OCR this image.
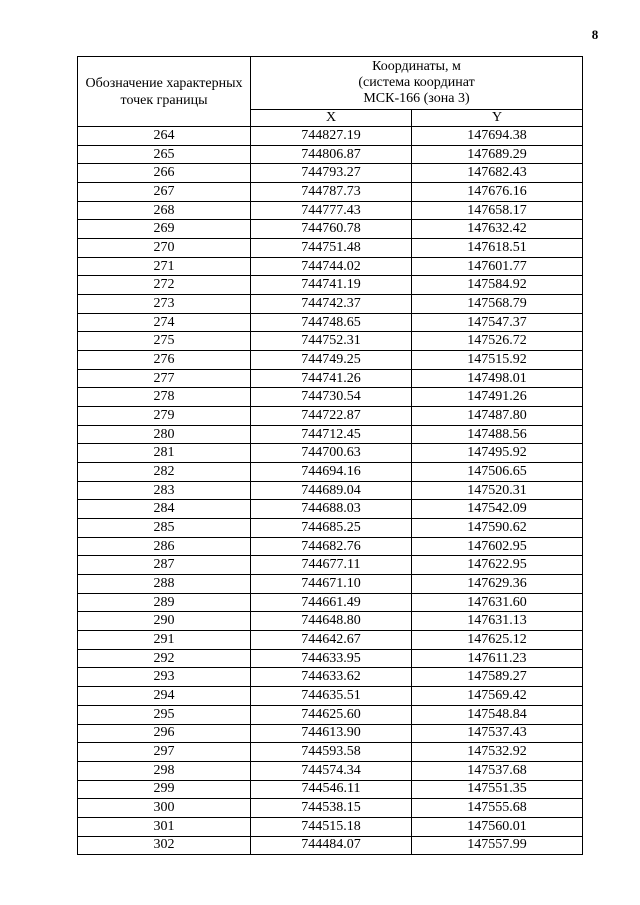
8
Обозначение характерных точек границы	Координаты, м
(система координат
МСК-166 (зона 3)	

	X	Y
264	744827.19	147694.38
265	744806.87	147689.29
266	744793.27	147682.43
267	744787.73	147676.16
268	744777.43	147658.17
269	744760.78	147632.42
270	744751.48	147618.51
271	744744.02	147601.77
272	744741.19	147584.92
273	744742.37	147568.79
274	744748.65	147547.37
275	744752.31	147526.72
276	744749.25	147515.92
277	744741.26	147498.01
278	744730.54	147491.26
279	744722.87	147487.80
280	744712.45	147488.56
281	744700.63	147495.92
282	744694.16	147506.65
283	744689.04	147520.31
284	744688.03	147542.09
285	744685.25	147590.62
286	744682.76	147602.95
287	744677.11	147622.95
288	744671.10	147629.36
289	744661.49	147631.60
290	744648.80	147631.13
291	744642.67	147625.12
292	744633.95	147611.23
293	744633.62	147589.27
294	744635.51	147569.42
295	744625.60	147548.84
296	744613.90	147537.43
297	744593.58	147532.92
298	744574.34	147537.68
299	744546.11	147551.35
300	744538.15	147555.68
301	744515.18	147560.01
302	744484.07	147557.99
